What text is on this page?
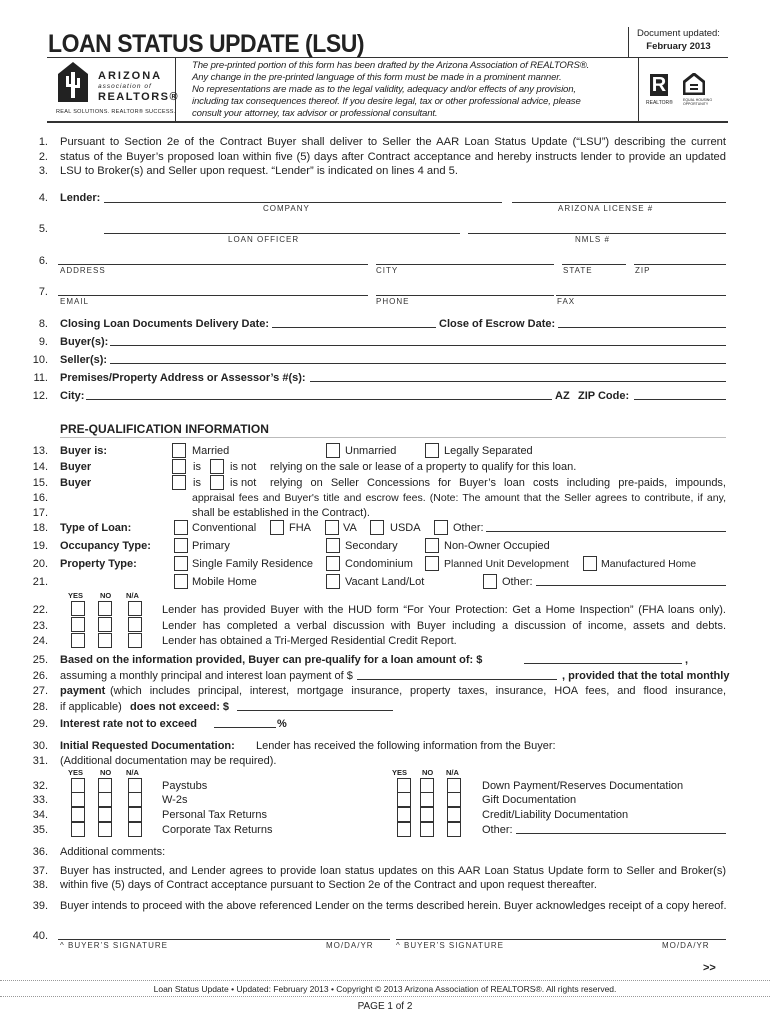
LOAN STATUS UPDATE (LSU)	Document updated:
February 2013
ARIZONA
association of
REALTORS®
REAL SOLUTIONS. REALTOR® SUCCESS.
The pre-printed portion of this form has been drafted by the Arizona Association of REALTORS®.
Any change in the pre-printed language of this form must be made in a prominent manner.
No representations are made as to the legal validity, adequacy and/or effects of any provision,
including tax consequences thereof. If you desire legal, tax or other professional advice, please
consult your attorney, tax advisor or professional consultant.
R
REALTOR®	EQUAL HOUSING OPPORTUNITY
1. Pursuant to Section 2e of the Contract Buyer shall deliver to Seller the AAR Loan Status Update (“LSU”) describing the current
2. status of the Buyer’s proposed loan within five (5) days after Contract acceptance and hereby instructs lender to provide an updated
3. LSU to Broker(s) and Seller upon request. “Lender” is indicated on lines 4 and 5.
4. Lender:
COMPANY	ARIZONA LICENSE #
5.
LOAN OFFICER	NMLS #
6.
ADDRESS	CITY	STATE	ZIP
7.
EMAIL	PHONE	FAX
8. Closing Loan Documents Delivery Date:	Close of Escrow Date:
9. Buyer(s):
10. Seller(s):
11. Premises/Property Address or Assessor’s #(s):
12. City:	AZ ZIP Code:
PRE-QUALIFICATION INFORMATION
13. Buyer is:	Married	Unmarried	Legally Separated
14. Buyer	is	is not relying on the sale or lease of a property to qualify for this loan.
15. Buyer	is	is not relying on Seller Concessions for Buyer’s loan costs including pre-paids, impounds,
16.	appraisal fees and Buyer's title and escrow fees. (Note: The amount that the Seller agrees to contribute, if any,
17.	shall be established in the Contract).
18. Type of Loan:	Conventional	FHA	VA	USDA	Other:
19. Occupancy Type:	Primary	Secondary	Non-Owner Occupied
20. Property Type:	Single Family Residence	Condominium	Planned Unit Development	Manufactured Home
21.	Mobile Home	Vacant Land/Lot	Other:
YES NO N/A
22.	Lender has provided Buyer with the HUD form “For Your Protection: Get a Home Inspection” (FHA loans only).
23.	Lender has completed a verbal discussion with Buyer including a discussion of income, assets and debts.
24.	Lender has obtained a Tri-Merged Residential Credit Report.
25. Based on the information provided, Buyer can pre-qualify for a loan amount of: $	,
26. assuming a monthly principal and interest loan payment of $	, provided that the total monthly
27. payment (which includes principal, interest, mortgage insurance, property taxes, insurance, HOA fees, and flood insurance,
28. if applicable) does not exceed: $
29. Interest rate not to exceed	%
30. Initial Requested Documentation: Lender has received the following information from the Buyer:
31. (Additional documentation may be required).
YES NO N/A	YES NO N/A
32.	Paystubs	Down Payment/Reserves Documentation
33.	W-2s	Gift Documentation
34.	Personal Tax Returns	Credit/Liability Documentation
35.	Corporate Tax Returns	Other:
36. Additional comments:
37. Buyer has instructed, and Lender agrees to provide loan status updates on this AAR Loan Status Update form to Seller and Broker(s)
38. within five (5) days of Contract acceptance pursuant to Section 2e of the Contract and upon request thereafter.
39. Buyer intends to proceed with the above referenced Lender on the terms described herein. Buyer acknowledges receipt of a copy hereof.
40.
^ BUYER’S SIGNATURE	MO/DA/YR	^ BUYER’S SIGNATURE	MO/DA/YR
>>
Loan Status Update • Updated: February 2013 • Copyright © 2013 Arizona Association of REALTORS®. All rights reserved.
PAGE 1 of 2
